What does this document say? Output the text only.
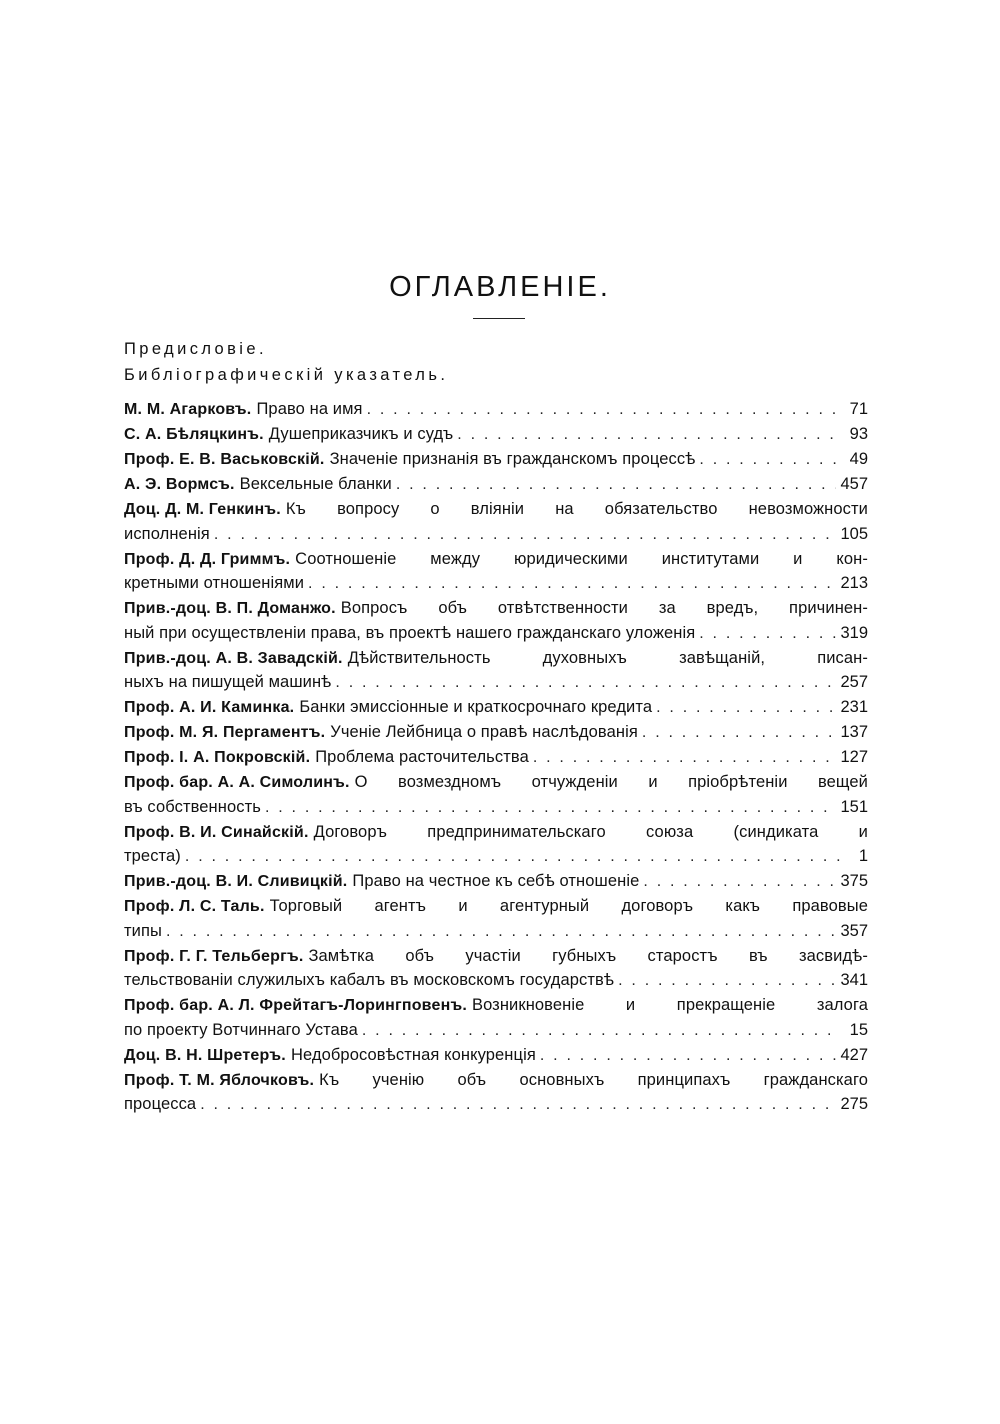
ОГЛАВЛЕНІЕ.
Предисловіе.
Библіографическій указатель.
М. М. Агарковъ. Право на имя . . .	71
С. А. Бѣляцкинъ. Душеприказчикъ и судъ . . .	93
Проф. Е. В. Васьковскій. Значеніе признанія въ гражданскомъ процессѣ . . .	49
А. Э. Вормсъ. Вексельные бланки . . .	457
Доц. Д. М. Генкинъ. Къ вопросу о вліяніи на обязательство невозможности
исполненія . . .	105
Проф. Д. Д. Гриммъ. Соотношеніе между юридическими институтами и кон-
кретными отношеніями . . .	213
Прив.-доц. В. П. Доманжо. Вопросъ объ отвѣтственности за вредъ, причинен-
ный при осуществленіи права, въ проектѣ нашего гражданскаго уложенія . . .	319
Прив.-доц. А. В. Завадскій. Дѣйствительность духовныхъ завѣщаній, писан-
ныхъ на пишущей машинѣ . . .	257
Проф. А. И. Каминка. Банки эмиссіонные и краткосрочнаго кредита . . .	231
Проф. М. Я. Пергаментъ. Ученіе Лейбница о правѣ наслѣдованія . . .	137
Проф. І. А. Покровскій. Проблема расточительства . . .	127
Проф. бар. А. А. Симолинъ. О возмездномъ отчужденіи и пріобрѣтеніи вещей
въ собственность . . .	151
Проф. В. И. Синайскій. Договоръ предпринимательскаго союза (синдиката и
треста) . . .	1
Прив.-доц. В. И. Сливицкій. Право на честное къ себѣ отношеніе . . .	375
Проф. Л. С. Таль. Торговый агентъ и агентурный договоръ какъ правовые
типы . . .	357
Проф. Г. Г. Тельбергъ. Замѣтка объ участіи губныхъ старостъ въ засвидѣ-
тельствованіи служилыхъ кабалъ въ московскомъ государствѣ . . .	341
Проф. бар. А. Л. Фрейтагъ-Лорингповенъ. Возникновеніе и прекращеніе залога
по проекту Вотчиннаго Устава . . .	15
Доц. В. Н. Шретеръ. Недобросовѣстная конкуренція . . .	427
Проф. Т. М. Яблочковъ. Къ ученію объ основныхъ принципахъ гражданскаго
процесса . . .	275
